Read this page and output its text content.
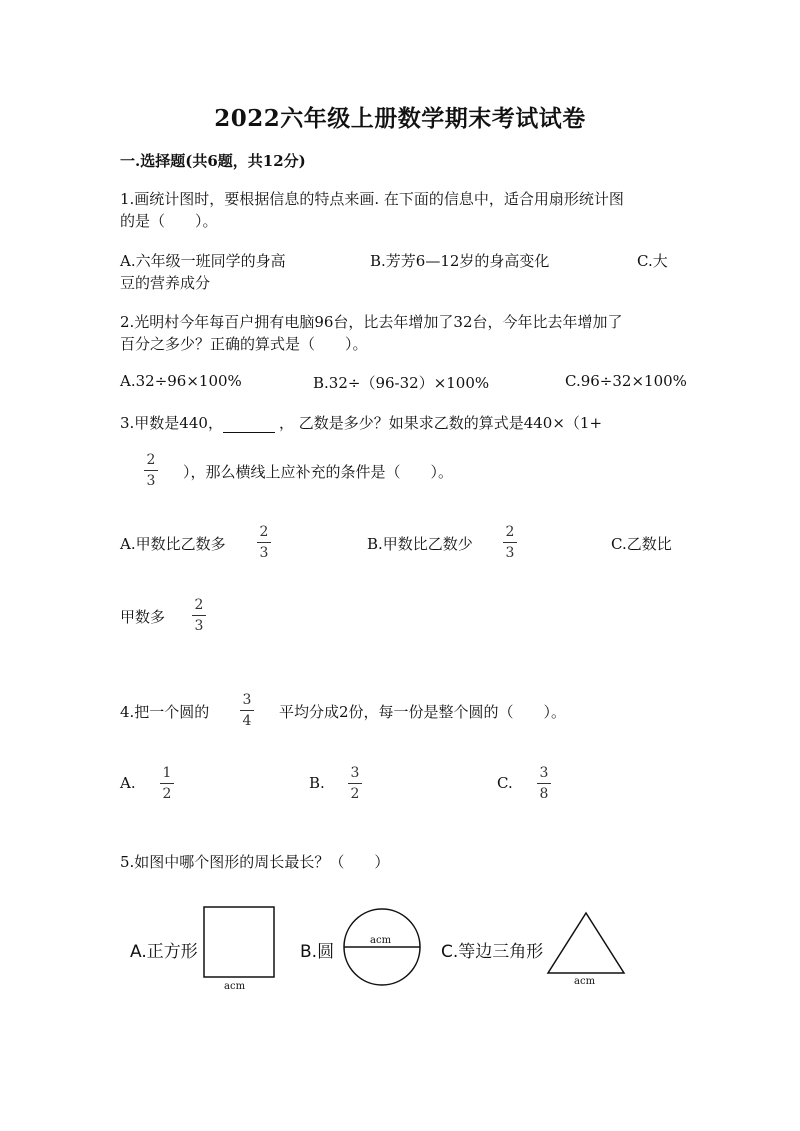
2022六年级上册数学期末考试试卷
一.选择题(共6题，共12分)
1.画统计图时，要根据信息的特点来画. 在下面的信息中，适合用扇形统计图
的是（　　）。
A.六年级一班同学的身高	B.芳芳6—12岁的身高变化	C.大
豆的营养成分
2.光明村今年每百户拥有电脑96台，比去年增加了32台，今年比去年增加了
百分之多少？正确的算式是（　　）。
A.32÷96×100%	B.32÷（96-32）×100%	C.96÷32×100%
3.甲数是440，	， 乙数是多少？如果求乙数的算式是440×（1+
2
3	），那么横线上应补充的条件是（　　）。
A.甲数比乙数多
2
3	B.甲数比乙数少
2
3	C.乙数比
甲数多
2
3
4.把一个圆的
3
4	平均分成2份，每一份是整个圆的（　　）。
A.
1
2
B.
3
2
C.
3
8
5.如图中哪个图形的周长最长？（　　）
A.正方形	B.圆	C.等边三角形
acm
acm
acm
